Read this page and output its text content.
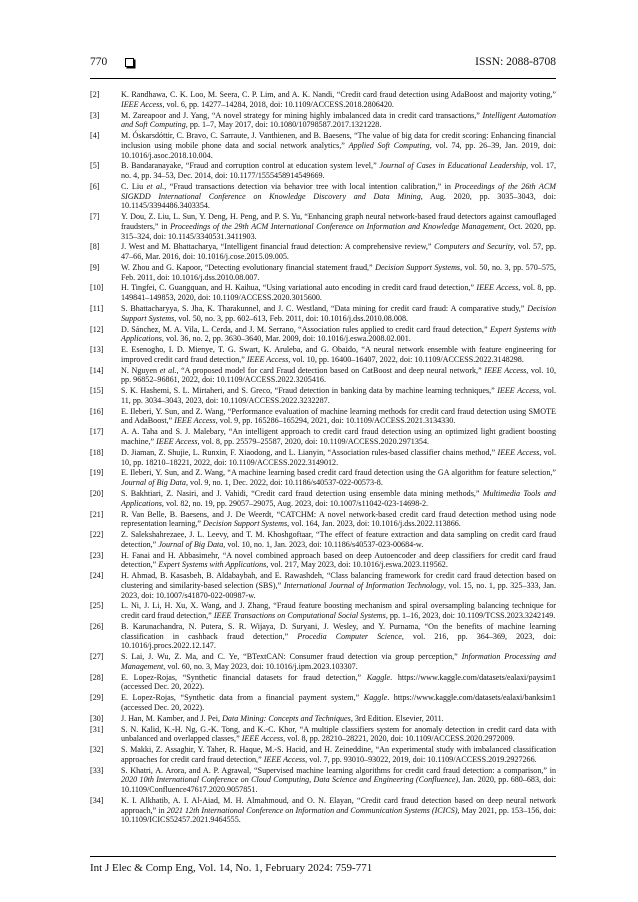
770	ISSN: 2088-8708
[2]	K. Randhawa, C. K. Loo, M. Seera, C. P. Lim, and A. K. Nandi, “Credit card fraud detection using AdaBoost and majority voting,” IEEE Access, vol. 6, pp. 14277–14284, 2018, doi: 10.1109/ACCESS.2018.2806420.
[3]	M. Zareapoor and J. Yang, “A novel strategy for mining highly imbalanced data in credit card transactions,” Intelligent Automation and Soft Computing, pp. 1–7, May 2017, doi: 10.1080/10798587.2017.1321228.
[4]	M. Óskarsdóttir, C. Bravo, C. Sarraute, J. Vanthienen, and B. Baesens, “The value of big data for credit scoring: Enhancing financial inclusion using mobile phone data and social network analytics,” Applied Soft Computing, vol. 74, pp. 26–39, Jan. 2019, doi: 10.1016/j.asoc.2018.10.004.
[5]	B. Bandaranayake, “Fraud and corruption control at education system level,” Journal of Cases in Educational Leadership, vol. 17, no. 4, pp. 34–53, Dec. 2014, doi: 10.1177/1555458914549669.
[6]	C. Liu et al., “Fraud transactions detection via behavior tree with local intention calibration,” in Proceedings of the 26th ACM SIGKDD International Conference on Knowledge Discovery and Data Mining, Aug. 2020, pp. 3035–3043, doi: 10.1145/3394486.3403354.
[7]	Y. Dou, Z. Liu, L. Sun, Y. Deng, H. Peng, and P. S. Yu, “Enhancing graph neural network-based fraud detectors against camouflaged fraudsters,” in Proceedings of the 29th ACM International Conference on Information and Knowledge Management, Oct. 2020, pp. 315–324, doi: 10.1145/3340531.3411903.
[8]	J. West and M. Bhattacharya, “Intelligent financial fraud detection: A comprehensive review,” Computers and Security, vol. 57, pp. 47–66, Mar. 2016, doi: 10.1016/j.cose.2015.09.005.
[9]	W. Zhou and G. Kapoor, “Detecting evolutionary financial statement fraud,” Decision Support Systems, vol. 50, no. 3, pp. 570–575, Feb. 2011, doi: 10.1016/j.dss.2010.08.007.
[10]	H. Tingfei, C. Guangquan, and H. Kaihua, “Using variational auto encoding in credit card fraud detection,” IEEE Access, vol. 8, pp. 149841–149853, 2020, doi: 10.1109/ACCESS.2020.3015600.
[11]	S. Bhattacharyya, S. Jha, K. Tharakunnel, and J. C. Westland, “Data mining for credit card fraud: A comparative study,” Decision Support Systems, vol. 50, no. 3, pp. 602–613, Feb. 2011, doi: 10.1016/j.dss.2010.08.008.
[12]	D. Sánchez, M. A. Vila, L. Cerda, and J. M. Serrano, “Association rules applied to credit card fraud detection,” Expert Systems with Applications, vol. 36, no. 2, pp. 3630–3640, Mar. 2009, doi: 10.1016/j.eswa.2008.02.001.
[13]	E. Esenogho, I. D. Mienye, T. G. Swart, K. Aruleba, and G. Obaido, “A neural network ensemble with feature engineering for improved credit card fraud detection,” IEEE Access, vol. 10, pp. 16400–16407, 2022, doi: 10.1109/ACCESS.2022.3148298.
[14]	N. Nguyen et al., “A proposed model for card Fraud detection based on CatBoost and deep neural network,” IEEE Access, vol. 10, pp. 96852–96861, 2022, doi: 10.1109/ACCESS.2022.3205416.
[15]	S. K. Hashemi, S. L. Mirtaheri, and S. Greco, “Fraud detection in banking data by machine learning techniques,” IEEE Access, vol. 11, pp. 3034–3043, 2023, doi: 10.1109/ACCESS.2022.3232287.
[16]	E. Ileberi, Y. Sun, and Z. Wang, “Performance evaluation of machine learning methods for credit card fraud detection using SMOTE and AdaBoost,” IEEE Access, vol. 9, pp. 165286–165294, 2021, doi: 10.1109/ACCESS.2021.3134330.
[17]	A. A. Taha and S. J. Malebary, “An intelligent approach to credit card fraud detection using an optimized light gradient boosting machine,” IEEE Access, vol. 8, pp. 25579–25587, 2020, doi: 10.1109/ACCESS.2020.2971354.
[18]	D. Jiaman, Z. Shujie, L. Runxin, F. Xiaodong, and L. Lianyin, “Association rules-based classifier chains method,” IEEE Access, vol. 10, pp. 18210–18221, 2022, doi: 10.1109/ACCESS.2022.3149012.
[19]	E. Ileberi, Y. Sun, and Z. Wang, “A machine learning based credit card fraud detection using the GA algorithm for feature selection,” Journal of Big Data, vol. 9, no. 1, Dec. 2022, doi: 10.1186/s40537-022-00573-8.
[20]	S. Bakhtiari, Z. Nasiri, and J. Vahidi, “Credit card fraud detection using ensemble data mining methods,” Multimedia Tools and Applications, vol. 82, no. 19, pp. 29057–29075, Aug. 2023, doi: 10.1007/s11042-023-14698-2.
[21]	R. Van Belle, B. Baesens, and J. De Weerdt, “CATCHM: A novel network-based credit card fraud detection method using node representation learning,” Decision Support Systems, vol. 164, Jan. 2023, doi: 10.1016/j.dss.2022.113866.
[22]	Z. Salekshahrezaee, J. L. Leevy, and T. M. Khoshgoftaar, “The effect of feature extraction and data sampling on credit card fraud detection,” Journal of Big Data, vol. 10, no. 1, Jan. 2023, doi: 10.1186/s40537-023-00684-w.
[23]	H. Fanai and H. Abbasimehr, “A novel combined approach based on deep Autoencoder and deep classifiers for credit card fraud detection,” Expert Systems with Applications, vol. 217, May 2023, doi: 10.1016/j.eswa.2023.119562.
[24]	H. Ahmad, B. Kasasbeh, B. Aldabaybah, and E. Rawashdeh, “Class balancing framework for credit card fraud detection based on clustering and similarity-based selection (SBS),” International Journal of Information Technology, vol. 15, no. 1, pp. 325–333, Jan. 2023, doi: 10.1007/s41870-022-00987-w.
[25]	L. Ni, J. Li, H. Xu, X. Wang, and J. Zhang, “Fraud feature boosting mechanism and spiral oversampling balancing technique for credit card fraud detection,” IEEE Transactions on Computational Social Systems, pp. 1–16, 2023, doi: 10.1109/TCSS.2023.3242149.
[26]	B. Karunachandra, N. Putera, S. R. Wijaya, D. Suryani, J. Wesley, and Y. Purnama, “On the benefits of machine learning classification in cashback fraud detection,” Procedia Computer Science, vol. 216, pp. 364–369, 2023, doi: 10.1016/j.procs.2022.12.147.
[27]	S. Lai, J. Wu, Z. Ma, and C. Ye, “BTextCAN: Consumer fraud detection via group perception,” Information Processing and Management, vol. 60, no. 3, May 2023, doi: 10.1016/j.ipm.2023.103307.
[28]	E. Lopez-Rojas, “Synthetic financial datasets for fraud detection,” Kaggle. https://www.kaggle.com/datasets/ealaxi/paysim1 (accessed Dec. 20, 2022).
[29]	E. Lopez-Rojas, “Synthetic data from a financial payment system,” Kaggle. https://www.kaggle.com/datasets/ealaxi/banksim1 (accessed Dec. 20, 2022).
[30]	J. Han, M. Kamber, and J. Pei, Data Mining: Concepts and Techniques, 3rd Edition. Elsevier, 2011.
[31]	S. N. Kalid, K.-H. Ng, G.-K. Tong, and K.-C. Khor, “A multiple classifiers system for anomaly detection in credit card data with unbalanced and overlapped classes,” IEEE Access, vol. 8, pp. 28210–28221, 2020, doi: 10.1109/ACCESS.2020.2972009.
[32]	S. Makki, Z. Assaghir, Y. Taher, R. Haque, M.-S. Hacid, and H. Zeineddine, “An experimental study with imbalanced classification approaches for credit card fraud detection,” IEEE Access, vol. 7, pp. 93010–93022, 2019, doi: 10.1109/ACCESS.2019.2927266.
[33]	S. Khatri, A. Arora, and A. P. Agrawal, “Supervised machine learning algorithms for credit card fraud detection: a comparison,” in 2020 10th International Conference on Cloud Computing, Data Science and Engineering (Confluence), Jan. 2020, pp. 680–683, doi: 10.1109/Confluence47617.2020.9057851.
[34]	K. I. Alkhatib, A. I. Al-Aiad, M. H. Almahmoud, and O. N. Elayan, “Credit card fraud detection based on deep neural network approach,” in 2021 12th International Conference on Information and Communication Systems (ICICS), May 2021, pp. 153–156, doi: 10.1109/ICICS52457.2021.9464555.
Int J Elec & Comp Eng, Vol. 14, No. 1, February 2024: 759-771
